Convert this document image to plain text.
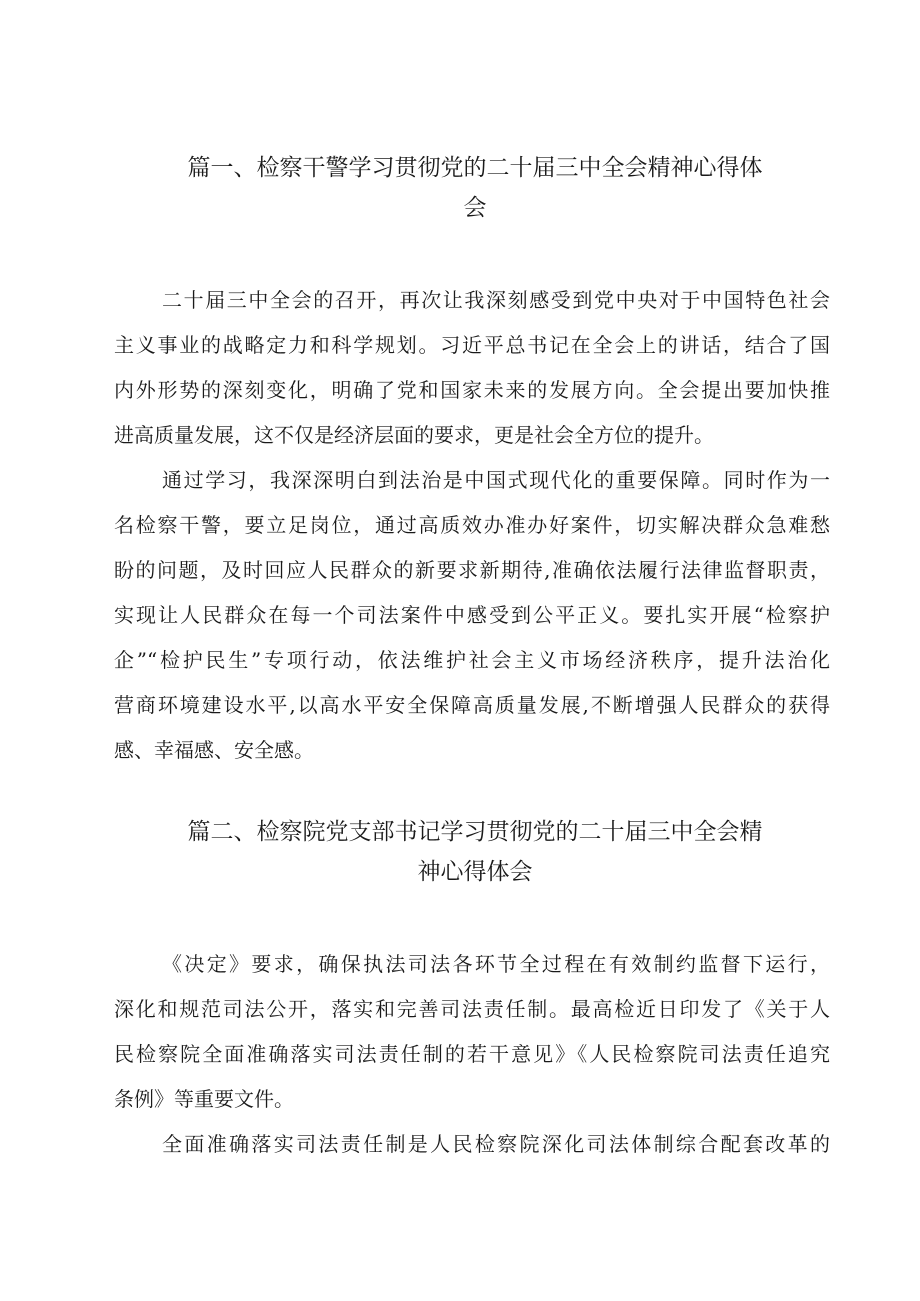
篇一、检察干警学习贯彻党的二十届三中全会精神心得体
会

二十届三中全会的召开，再次让我深刻感受到党中央对于中国特色社会
主义事业的战略定力和科学规划。习近平总书记在全会上的讲话，结合了国
内外形势的深刻变化，明确了党和国家未来的发展方向。全会提出要加快推
进高质量发展，这不仅是经济层面的要求，更是社会全方位的提升。

通过学习，我深深明白到法治是中国式现代化的重要保障。同时作为一
名检察干警，要立足岗位，通过高质效办准办好案件，切实解决群众急难愁
盼的问题，及时回应人民群众的新要求新期待,准确依法履行法律监督职责，
实现让人民群众在每一个司法案件中感受到公平正义。要扎实开展“检察护
企”“检护民生”专项行动，依法维护社会主义市场经济秩序，提升法治化
营商环境建设水平,以高水平安全保障高质量发展,不断增强人民群众的获得
感、幸福感、安全感。

篇二、检察院党支部书记学习贯彻党的二十届三中全会精
神心得体会

《决定》要求，确保执法司法各环节全过程在有效制约监督下运行，
深化和规范司法公开，落实和完善司法责任制。最高检近日印发了《关于人
民检察院全面准确落实司法责任制的若干意见》《人民检察院司法责任追究
条例》等重要文件。

全面准确落实司法责任制是人民检察院深化司法体制综合配套改革的
